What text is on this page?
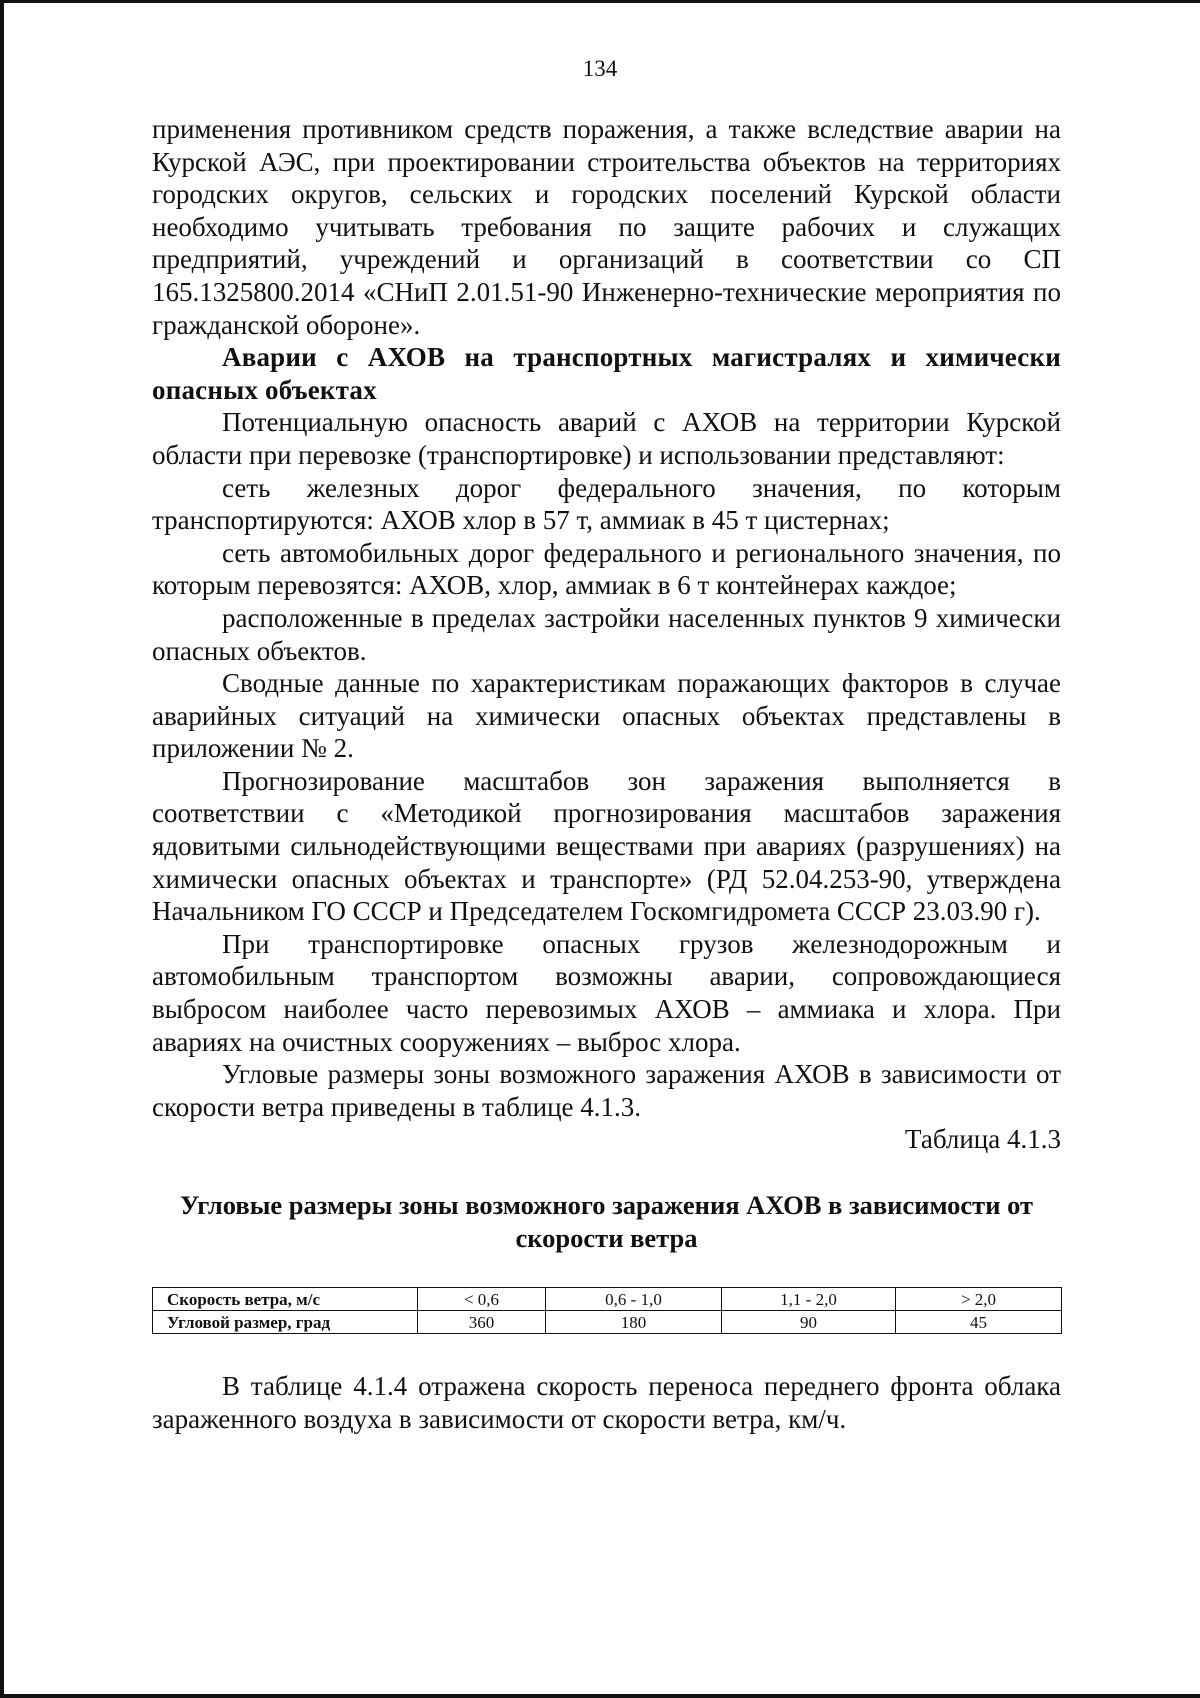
134

применения противником средств поражения, а также вследствие аварии на Курской АЭС, при проектировании строительства объектов на территориях городских округов, сельских и городских поселений Курской области необходимо учитывать требования по защите рабочих и служащих предприятий, учреждений и организаций в соответствии со СП 165.1325800.2014 «СНиП 2.01.51-90 Инженерно-технические мероприятия по гражданской обороне».

Аварии с АХОВ на транспортных магистралях и химически опасных объектах

Потенциальную опасность аварий с АХОВ на территории Курской области при перевозке (транспортировке) и использовании представляют:

сеть железных дорог федерального значения, по которым транспортируются: АХОВ хлор в 57 т, аммиак в 45 т цистернах;

сеть автомобильных дорог федерального и регионального значения, по которым перевозятся: АХОВ, хлор, аммиак в 6 т контейнерах каждое;

расположенные в пределах застройки населенных пунктов 9 химически опасных объектов.

Сводные данные по характеристикам поражающих факторов в случае аварийных ситуаций на химически опасных объектах представлены в приложении № 2.

Прогнозирование масштабов зон заражения выполняется в соответствии с «Методикой прогнозирования масштабов заражения ядовитыми сильнодействующими веществами при авариях (разрушениях) на химически опасных объектах и транспорте» (РД 52.04.253-90, утверждена Начальником ГО СССР и Председателем Госкомгидромета СССР 23.03.90 г).

При транспортировке опасных грузов железнодорожным и автомобильным транспортом возможны аварии, сопровождающиеся выбросом наиболее часто перевозимых АХОВ – аммиака и хлора. При авариях на очистных сооружениях – выброс хлора.

Угловые размеры зоны возможного заражения АХОВ в зависимости от скорости ветра приведены в таблице 4.1.3.

Таблица 4.1.3

Угловые размеры зоны возможного заражения АХОВ в зависимости от скорости ветра

Скорость ветра, м/с	< 0,6	0,6 - 1,0	1,1 - 2,0	> 2,0
Угловой размер, град	360	180	90	45

В таблице 4.1.4 отражена скорость переноса переднего фронта облака зараженного воздуха в зависимости от скорости ветра, км/ч.
